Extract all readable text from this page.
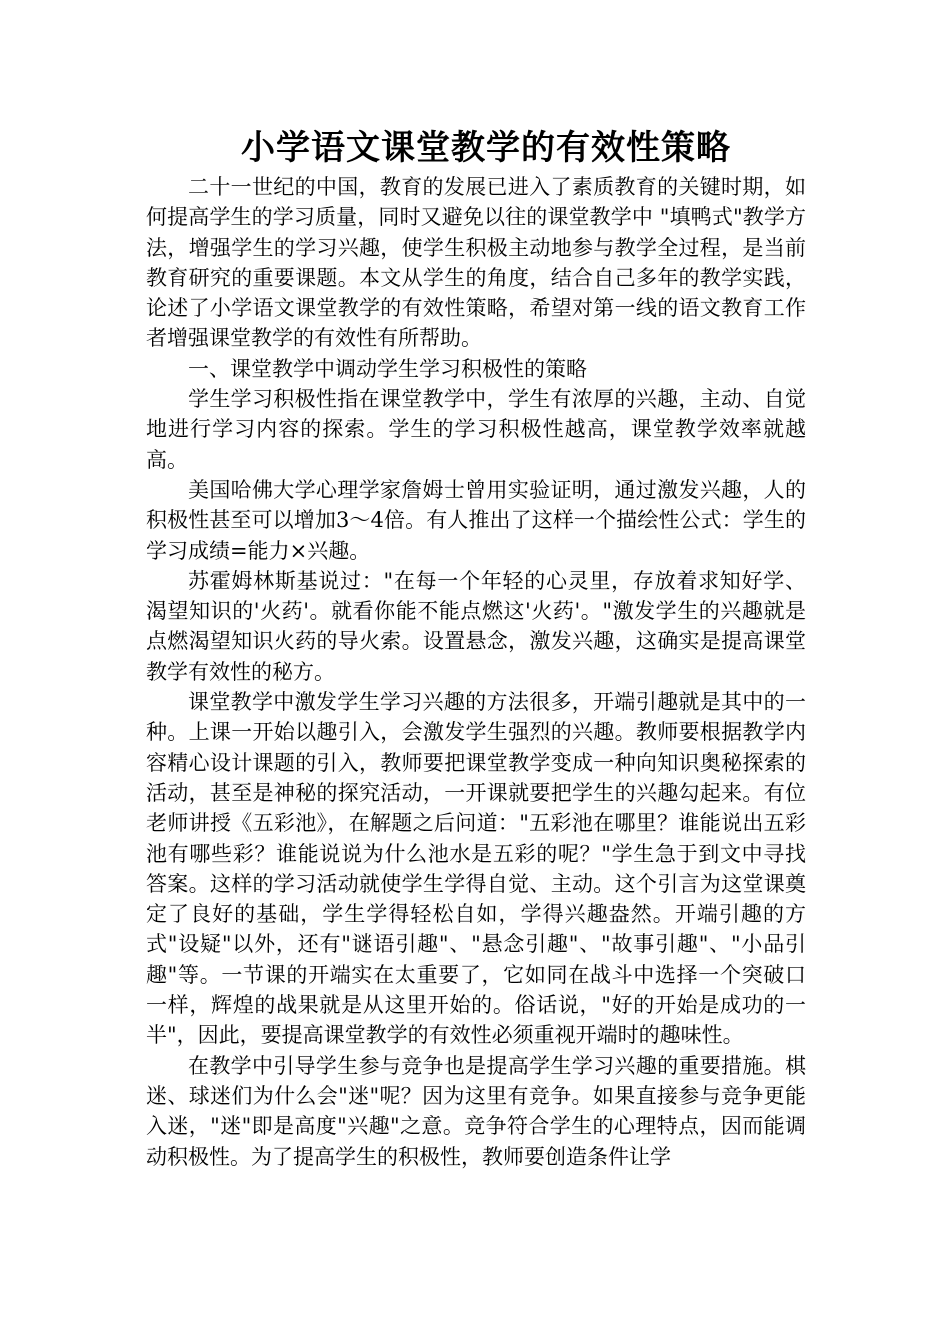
小学语文课堂教学的有效性策略

二十一世纪的中国，教育的发展已进入了素质教育的关键时期，如何提高学生的学习质量，同时又避免以往的课堂教学中 "填鸭式"教学方法，增强学生的学习兴趣，使学生积极主动地参与教学全过程，是当前教育研究的重要课题。本文从学生的角度，结合自己多年的教学实践，论述了小学语文课堂教学的有效性策略，希望对第一线的语文教育工作者增强课堂教学的有效性有所帮助。

一、课堂教学中调动学生学习积极性的策略

学生学习积极性指在课堂教学中，学生有浓厚的兴趣，主动、自觉地进行学习内容的探索。学生的学习积极性越高，课堂教学效率就越高。

美国哈佛大学心理学家詹姆士曾用实验证明，通过激发兴趣，人的积极性甚至可以增加3～4倍。有人推出了这样一个描绘性公式：学生的学习成绩=能力×兴趣。

苏霍姆林斯基说过："在每一个年轻的心灵里，存放着求知好学、渴望知识的'火药'。就看你能不能点燃这'火药'。"激发学生的兴趣就是点燃渴望知识火药的导火索。设置悬念，激发兴趣，这确实是提高课堂教学有效性的秘方。

课堂教学中激发学生学习兴趣的方法很多，开端引趣就是其中的一种。上课一开始以趣引入，会激发学生强烈的兴趣。教师要根据教学内容精心设计课题的引入，教师要把课堂教学变成一种向知识奥秘探索的活动，甚至是神秘的探究活动，一开课就要把学生的兴趣勾起来。有位老师讲授《五彩池》，在解题之后问道："五彩池在哪里？谁能说出五彩池有哪些彩？谁能说说为什么池水是五彩的呢？"学生急于到文中寻找答案。这样的学习活动就使学生学得自觉、主动。这个引言为这堂课奠定了良好的基础，学生学得轻松自如，学得兴趣盎然。开端引趣的方式"设疑"以外，还有"谜语引趣"、"悬念引趣"、"故事引趣"、"小品引趣"等。一节课的开端实在太重要了，它如同在战斗中选择一个突破口一样，辉煌的战果就是从这里开始的。俗话说，"好的开始是成功的一半"，因此，要提高课堂教学的有效性必须重视开端时的趣味性。

在教学中引导学生参与竞争也是提高学生学习兴趣的重要措施。棋迷、球迷们为什么会"迷"呢？因为这里有竞争。如果直接参与竞争更能入迷，"迷"即是高度"兴趣"之意。竞争符合学生的心理特点，因而能调动积极性。为了提高学生的积极性，教师要创造条件让学
